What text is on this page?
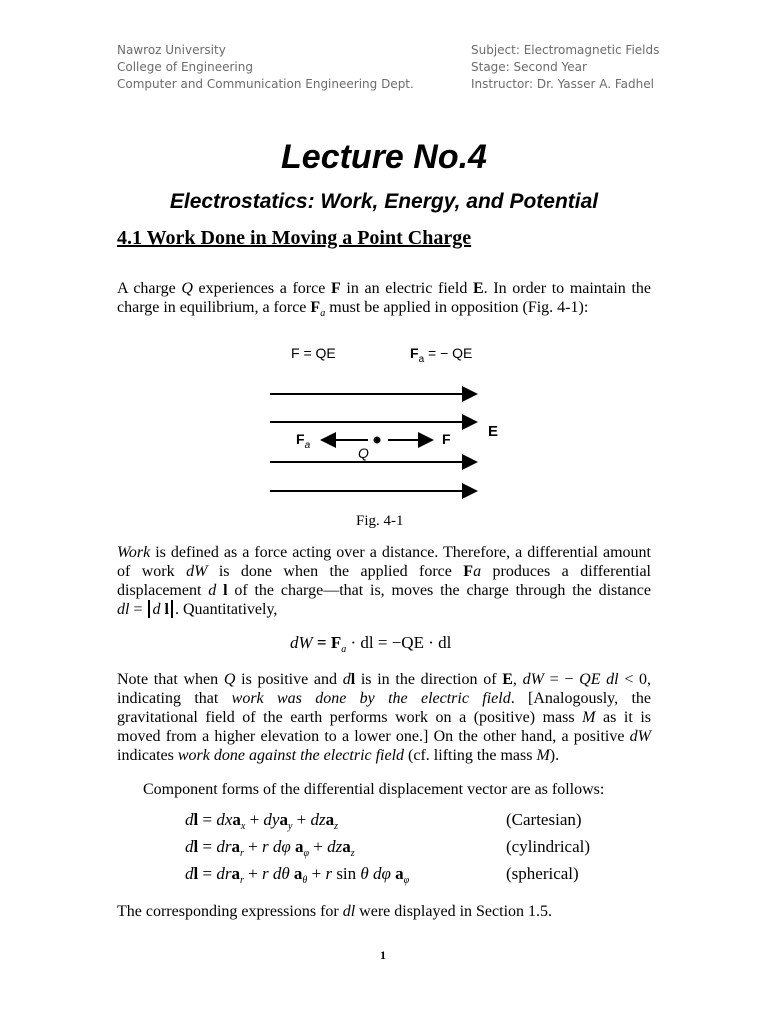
Nawroz University
College of Engineering
Computer and Communication Engineering Dept.
Subject: Electromagnetic Fields
Stage: Second Year
Instructor: Dr. Yasser A. Fadhel
Lecture No.4
Electrostatics: Work, Energy, and Potential
4.1 Work Done in Moving a Point Charge
A charge Q experiences a force F in an electric field E. In order to maintain the
charge in equilibrium, a force $F_a$ must be applied in opposition (Fig. 4-1):
F = QE	$F_a$ = − QE
$F_a$	F
Q
E
Fig. 4-1
Work is defined as a force acting over a distance. Therefore, a differential amount
of work dW is done when the applied force Fa produces a differential
displacement d l of the charge—that is, moves the charge through the distance
dl = d l . Quantitatively,
dW = $F_a$ · dl = −QE · dl
Note that when Q is positive and dl is in the direction of E, dW = − QE dl < 0,
indicating that work was done by the electric field. [Analogously, the
gravitational field of the earth performs work on a (positive) mass M as it is
moved from a higher elevation to a lower one.] On the other hand, a positive dW
indicates work done against the electric field (cf. lifting the mass M).
Component forms of the differential displacement vector are as follows:
dl = dxa$_x$ + dya$_y$ + dza$_z$	(Cartesian)
dl = dra$_r$ + r dφ $a_\varphi + dza_z$	(cylindrical)
dl = dra$_r$ + r dθ $a_\theta + r$ sin θ dφ $a_\varphi$	(spherical)
The corresponding expressions for dl were displayed in Section 1.5.
1
